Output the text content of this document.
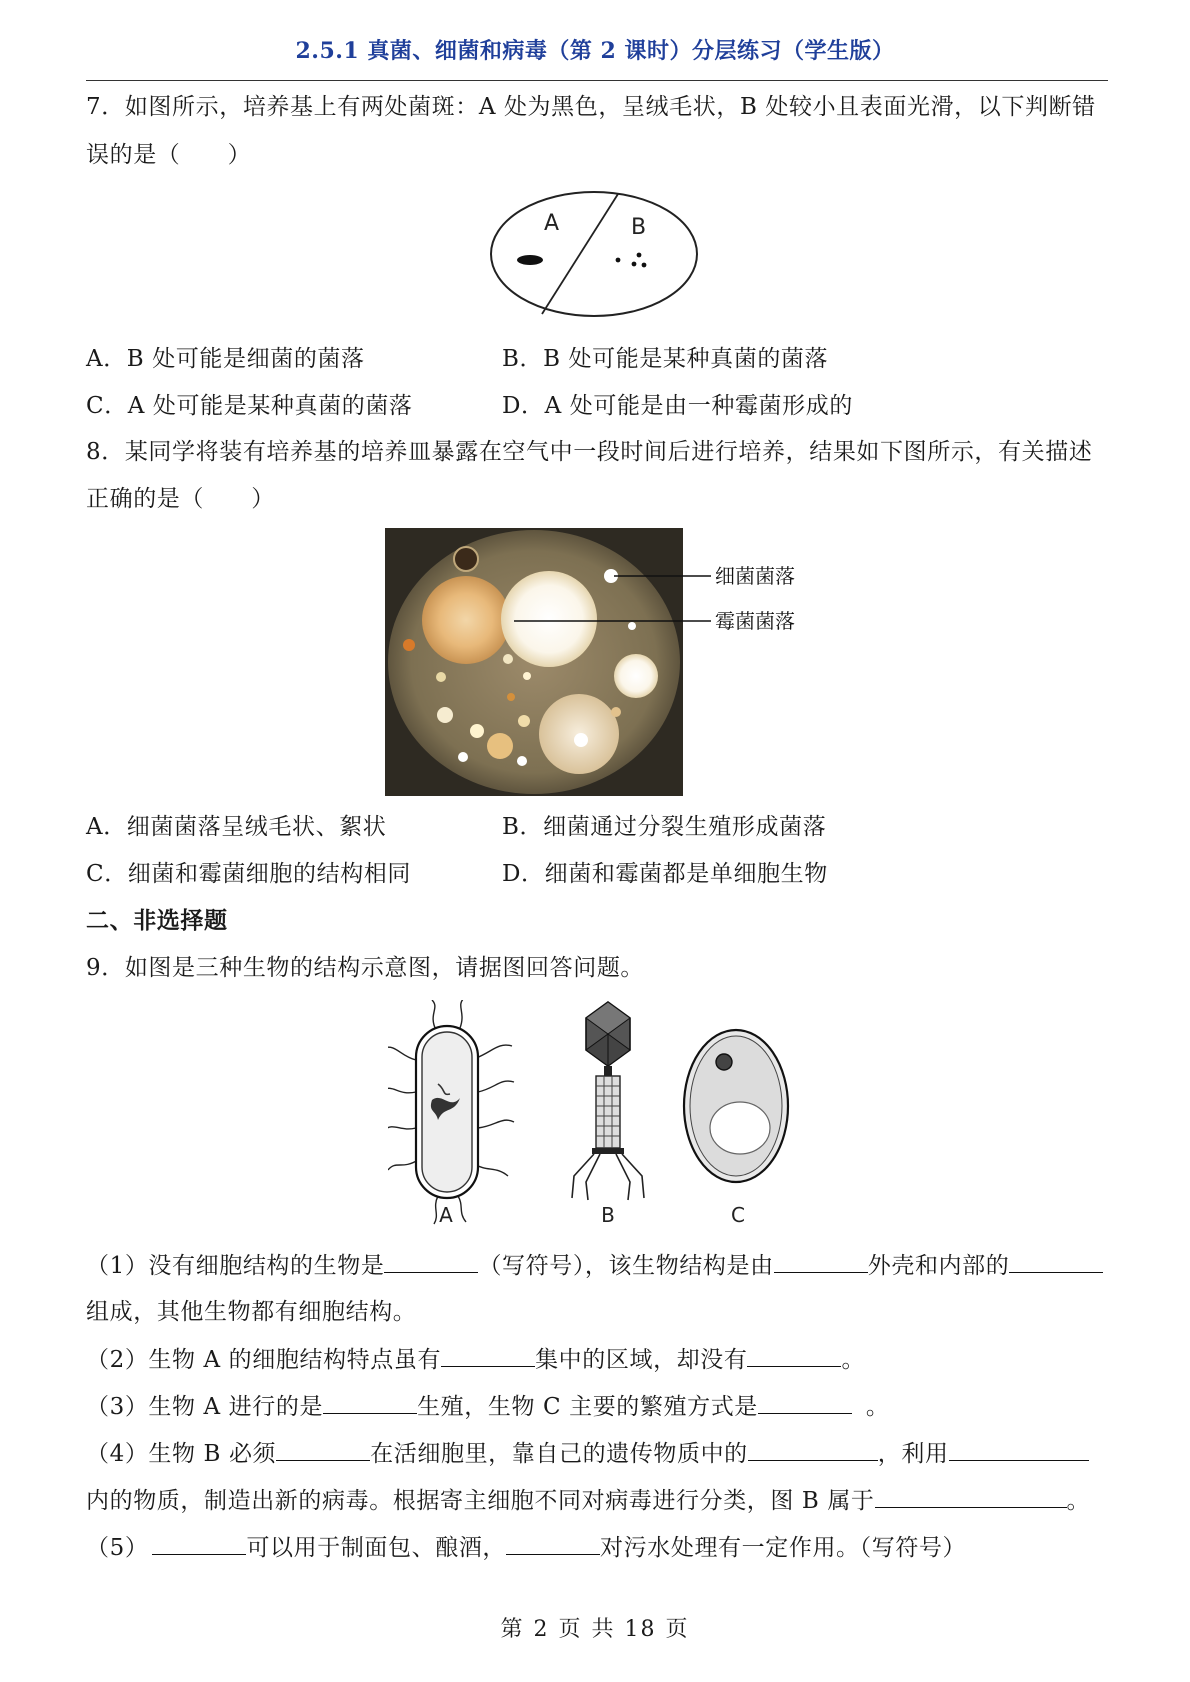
2.5.1 真菌、细菌和病毒（第 2 课时）分层练习（学生版）
7．如图所示，培养基上有两处菌斑：A 处为黑色，呈绒毛状，B 处较小且表面光滑，以下判断错
误的是（　　）
A	B
A．B 处可能是细菌的菌落	B．B 处可能是某种真菌的菌落
C．A 处可能是某种真菌的菌落	D．A 处可能是由一种霉菌形成的
8．某同学将装有培养基的培养皿暴露在空气中一段时间后进行培养，结果如下图所示，有关描述
正确的是（　　）
细菌菌落
霉菌菌落
A．细菌菌落呈绒毛状、絮状	B．细菌通过分裂生殖形成菌落
C．细菌和霉菌细胞的结构相同	D．细菌和霉菌都是单细胞生物
二、非选择题
9．如图是三种生物的结构示意图，请据图回答问题。
A	B	C
（1）没有细胞结构的生物是	（写符号），该生物结构是由	外壳和内部的
组成，其他生物都有细胞结构。
（2）生物 A 的细胞结构特点虽有	集中的区域，却没有	。
（3）生物 A 进行的是	生殖，生物 C 主要的繁殖方式是	。
（4）生物 B 必须	在活细胞里，靠自己的遗传物质中的	，利用
内的物质，制造出新的病毒。根据寄主细胞不同对病毒进行分类，图 B 属于	。
（5）	可以用于制面包、酿酒，	对污水处理有一定作用。（写符号）
第 2 页 共 18 页
